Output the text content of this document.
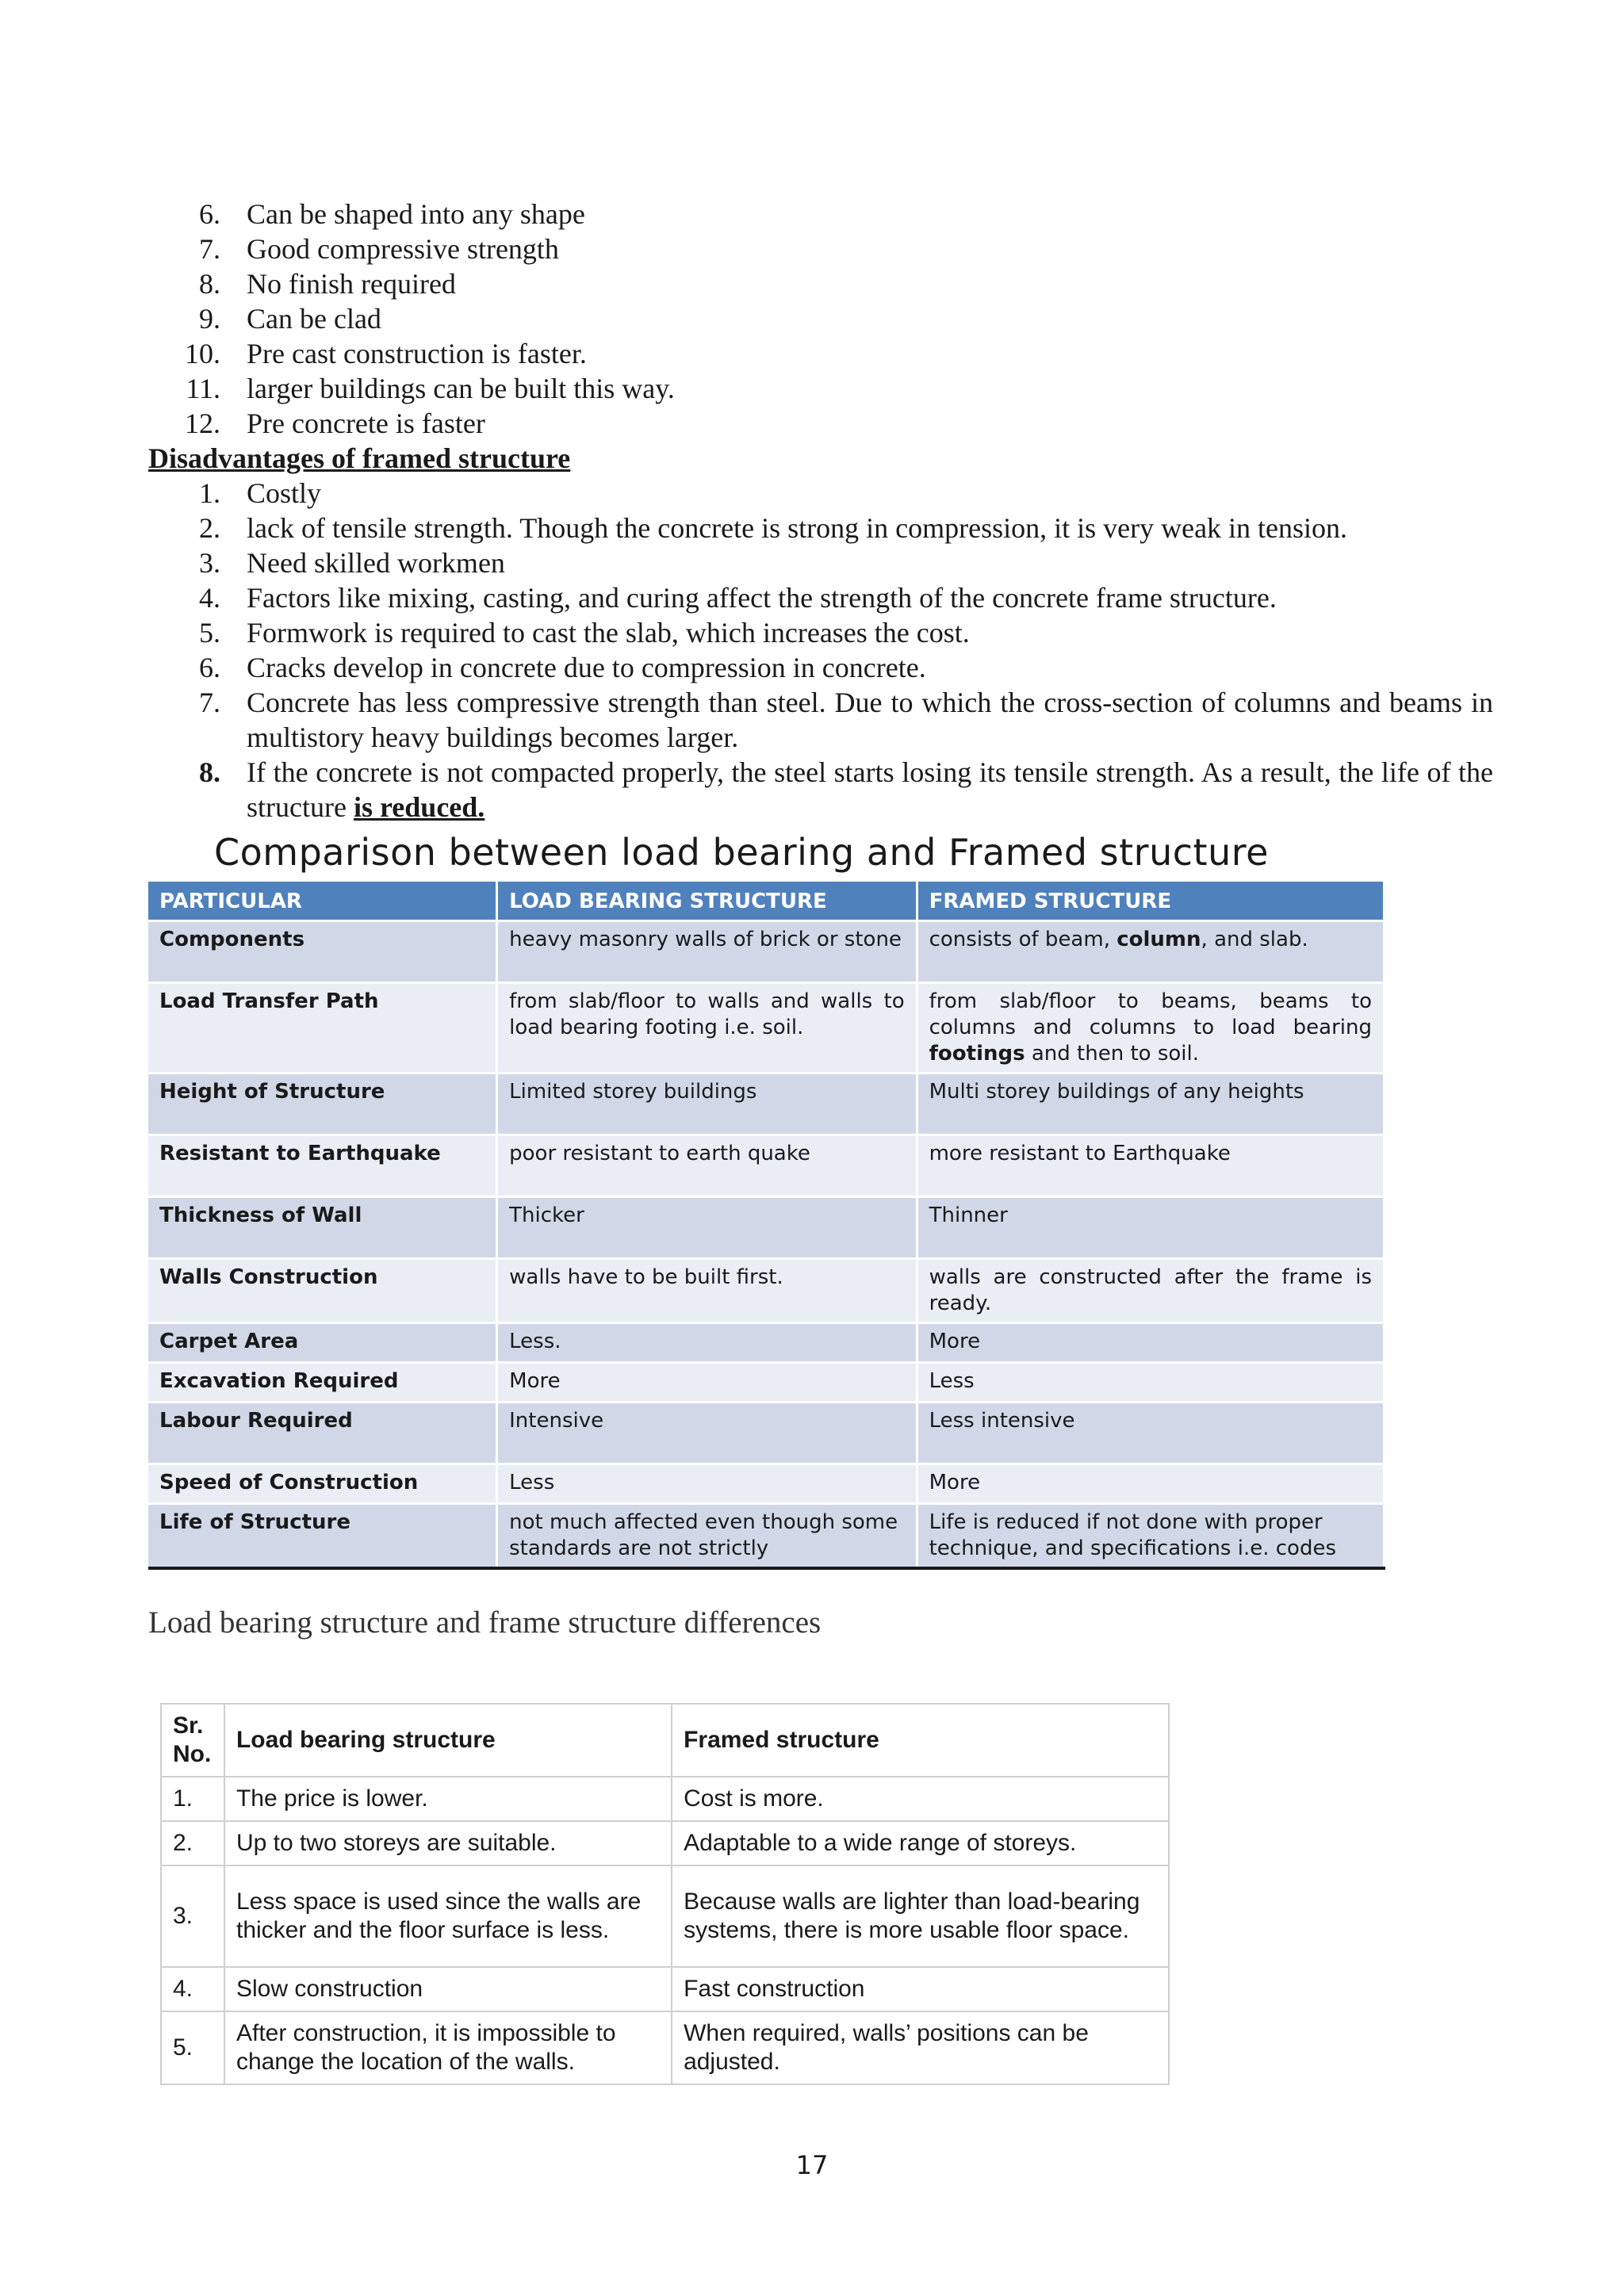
6. Can be shaped into any shape
7. Good compressive strength
8. No finish required
9. Can be clad
10. Pre cast construction is faster.
11. larger buildings can be built this way.
12. Pre concrete is faster
Disadvantages of framed structure
1. Costly
2. lack of tensile strength. Though the concrete is strong in compression, it is very weak in tension.
3. Need skilled workmen
4. Factors like mixing, casting, and curing affect the strength of the concrete frame structure.
5. Formwork is required to cast the slab, which increases the cost.
6. Cracks develop in concrete due to compression in concrete.
7. Concrete has less compressive strength than steel. Due to which the cross-section of columns and beams in multistory heavy buildings becomes larger.
8. If the concrete is not compacted properly, the steel starts losing its tensile strength. As a result, the life of the structure is reduced.
Comparison between load bearing and Framed structure
PARTICULAR	LOAD BEARING STRUCTURE	FRAMED STRUCTURE
Components	heavy masonry walls of brick or stone	consists of beam, column, and slab.
Load Transfer Path	from slab/floor to walls and walls to load bearing footing i.e. soil.	from slab/floor to beams, beams to columns and columns to load bearing footings and then to soil.
Height of Structure	Limited storey buildings	Multi storey buildings of any heights
Resistant to Earthquake	poor resistant to earth quake	more resistant to Earthquake
Thickness of Wall	Thicker	Thinner
Walls Construction	walls have to be built first.	walls are constructed after the frame is ready.
Carpet Area	Less.	More
Excavation Required	More	Less
Labour Required	Intensive	Less intensive
Speed of Construction	Less	More
Life of Structure	not much affected even though some standards are not strictly	Life is reduced if not done with proper technique, and specifications i.e. codes
Load bearing structure and frame structure differences
Sr. No.	Load bearing structure	Framed structure
1.	The price is lower.	Cost is more.
2.	Up to two storeys are suitable.	Adaptable to a wide range of storeys.
3.	Less space is used since the walls are thicker and the floor surface is less.	Because walls are lighter than load-bearing systems, there is more usable floor space.
4.	Slow construction	Fast construction
5.	After construction, it is impossible to change the location of the walls.	When required, walls’ positions can be adjusted.
17
